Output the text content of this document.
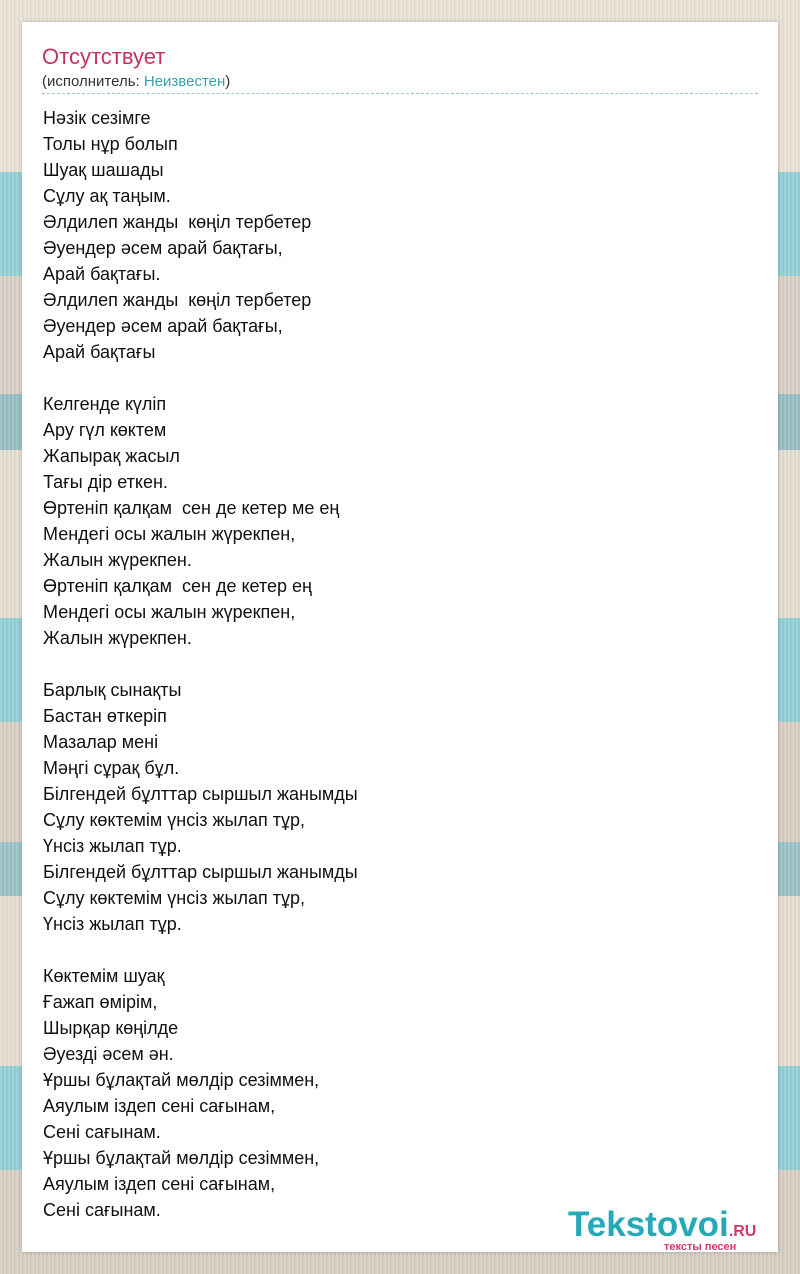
Отсутствует
(исполнитель: Неизвестен)
Нәзік сезімге
Толы нұр болып
Шуақ шашады
Сұлу ақ таңым.
Әлдилеп жанды  көңіл тербетер
Әуендер әсем арай бақтағы,
Арай бақтағы.
Әлдилеп жанды  көңіл тербетер
Әуендер әсем арай бақтағы,
Арай бақтағы
Келгенде күліп
Ару гүл көктем
Жапырақ жасыл
Тағы дір еткен.
Өртеніп қалқам  сен де кетер ме ең
Мендегі осы жалын жүрекпен,
Жалын жүрекпен.
Өртеніп қалқам  сен де кетер ең
Мендегі осы жалын жүрекпен,
Жалын жүрекпен.
Барлық сынақты
Бастан өткеріп
Мазалар мені
Мәңгі сұрақ бұл.
Білгендей бұлттар сыршыл жанымды
Сұлу көктемім үнсіз жылап тұр,
Үнсіз жылап тұр.
Білгендей бұлттар сыршыл жанымды
Сұлу көктемім үнсіз жылап тұр,
Үнсіз жылап тұр.
Көктемім шуақ
Ғажап өмірім,
Шырқар көңілде
Әуезді әсем ән.
Ұршы бұлақтай мөлдір сезіммен,
Аяулым іздеп сені сағынам,
Сені сағынам.
Ұршы бұлақтай мөлдір сезіммен,
Аяулым іздеп сені сағынам,
Сені сағынам.	Tekstovoi.RU
тексты песен
